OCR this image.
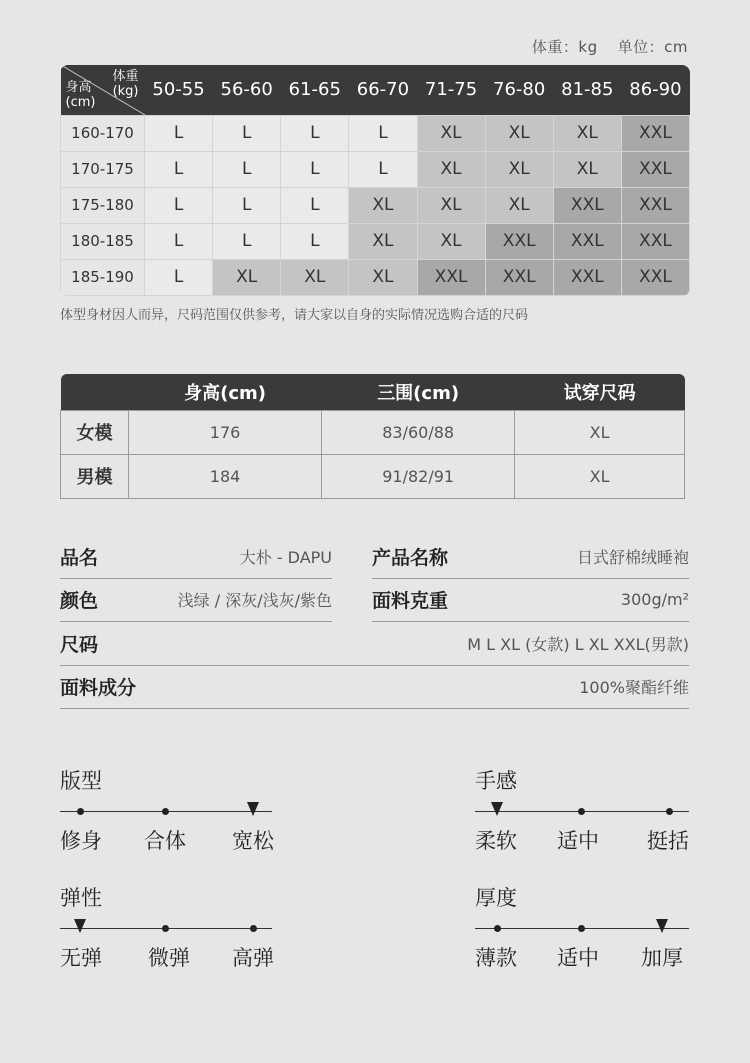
体重：kg 单位：cm
体重
(kg)
身高
(cm)	50-55	56-60	61-65	66-70	71-75	76-80	81-85	86-90
160-170	L	L	L	L	XL	XL	XL	XXL
170-175	L	L	L	L	XL	XL	XL	XXL
175-180	L	L	L	XL	XL	XL	XXL	XXL
180-185	L	L	L	XL	XL	XXL	XXL	XXL
185-190	L	XL	XL	XL	XXL	XXL	XXL	XXL
体型身材因人而异，尺码范围仅供参考，请大家以自身的实际情况选购合适的尺码
	身高(cm)	三围(cm)	试穿尺码
女模	176	83/60/88	XL
男模	184	91/82/91	XL
品名	大朴 - DAPU 产品名称	日式舒棉绒睡袍
颜色	浅绿 / 深灰/浅灰/紫色 面料克重	300g/m²
尺码	M L XL (女款) L XL XXL(男款)
面料成分	100%聚酯纤维
版型
修身 合体 宽松
手感
柔软 适中 挺括
弹性
无弹 微弹 高弹
厚度
薄款 适中 加厚
